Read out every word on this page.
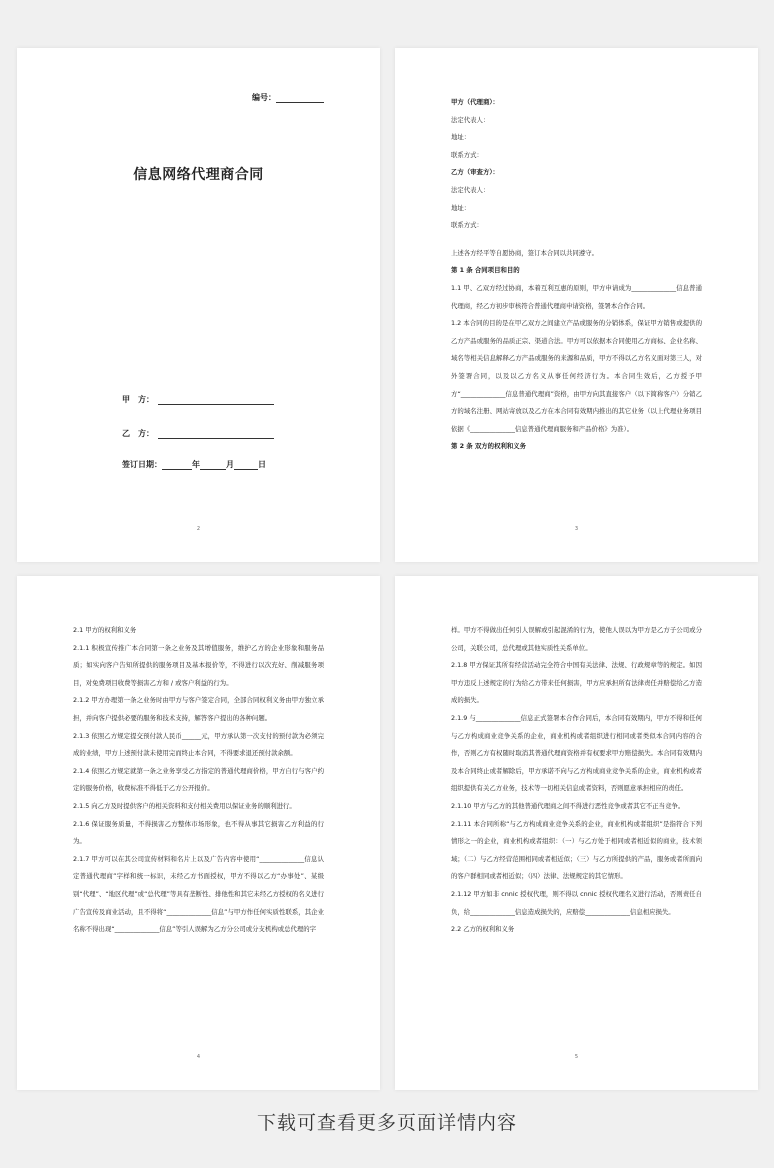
编号：
信息网络代理商合同
甲　方：
乙　方：
签订日期：	年	月	日
2

甲方（代理商）：

法定代表人：

地址：

联系方式：

乙方（审查方）：

法定代表人：

地址：

联系方式：

上述各方经平等自愿协商，签订本合同以共同遵守。

第 1 条 合同项目和目的

1.1 甲、乙双方经过协商，本着互利互惠的原则，甲方申请成为______________信息普通代理商，经乙方初步审核符合普通代理商申请资格，签署本合作合同。

1.2 本合同的目的是在甲乙双方之间建立产品或服务的分销体系，保证甲方销售或提供的乙方产品或服务的品质正宗、渠道合法。甲方可以依据本合同使用乙方商标、企业名称、域名等相关信息解释乙方产品或服务的来源和品质，甲方不得以乙方名义面对第三人，对外签署合同，以及以乙方名义从事任何经济行为。本合同生效后，乙方授予甲方“______________信息普通代理商”资格，由甲方向其直接客户（以下简称客户）分销乙方的域名注册、网站寄放以及乙方在本合同有效期内推出的其它业务（以上代理业务项目依据《______________信息普通代理商服务和产品价格》为准）。

第 2 条 双方的权利和义务

3

2.1 甲方的权利和义务

2.1.1 积极宣传推广本合同第一条之业务及其增值服务，维护乙方的企业形象和服务品质；如实向客户告知所提供的服务项目及基本报价等，不得进行以次充好、削减服务项目，对免费项目收费等损害乙方和 / 或客户利益的行为。

2.1.2 甲方办理第一条之业务时由甲方与客户签定合同，全部合同权利义务由甲方独立承担，并向客户提供必要的服务和技术支持，解答客户提出的各种问题。

2.1.3 依照乙方规定提交预付款人民币______元，甲方承认第一次支付的预付款为必须完成的业绩，甲方上述预付款未使用完而终止本合同，不得要求退还预付款余额。

2.1.4 依照乙方规定就第一条之业务享受乙方指定的普通代理商价格，甲方自行与客户约定的服务价格，收费标准不得低于乙方公开报价。

2.1.5 向乙方及时提供客户的相关资料和支付相关费用以保证业务的顺利进行。

2.1.6 保证服务质量，不得损害乙方整体市场形象，也不得从事其它损害乙方利益的行为。

2.1.7 甲方可以在其公司宣传材料和名片上以及广告内容中使用“______________信息认定普通代理商”字样和统一标识，未经乙方书面授权，甲方不得以乙方“办事处”、某级别“代理”、“地区代理”或“总代理”等具有垄断性、排他性和其它未经乙方授权的名义进行广告宣传及商业活动，且不得将“______________信息”与甲方作任何实质性联系，其企业名称不得出现“______________信息”等引人误解为乙方分公司或分支机构或总代理的字

4

样。甲方不得做出任何引人误解或引起混淆的行为，使他人误以为甲方是乙方子公司或分公司，关联公司，总代理或其他实质性关系单位。

2.1.8 甲方保证其所有经营活动完全符合中国有关法律、法规、行政规章等的规定。如因甲方违反上述规定的行为给乙方带来任何损害，甲方应承担所有法律责任并赔偿给乙方造成的损失。

2.1.9 与______________信息正式签署本合作合同后，本合同有效期内，甲方不得和任何与乙方构成商业竞争关系的企业，商业机构或者组织进行相同或者类似本合同内容的合作，否则乙方有权随时取消其普通代理商资格并有权要求甲方赔偿损失。本合同有效期内及本合同终止或者解除后，甲方承诺不向与乙方构成商业竞争关系的企业，商业机构或者组织提供有关乙方业务，技术等一切相关信息或者资料，否则愿意承担相应的责任。

2.1.10 甲方与乙方的其他普通代理商之间不得进行恶性竞争或者其它不正当竞争。

2.1.11 本合同所称“与乙方构成商业竞争关系的企业，商业机构或者组织”是指符合下列情形之一的企业，商业机构或者组织：（一）与乙方处于相同或者相近似的商业，技术领域；（二）与乙方经营范围相同或者相近似；（三）与乙方所提供的产品，服务或者所面向的客户群相同或者相近似；（四）法律、法规规定的其它情形。

2.1.12 甲方如非 cnnic 授权代理，则不得以 cnnic 授权代理名义进行活动，否则责任自负，给______________信息造成损失的，应赔偿______________信息相应损失。

2.2 乙方的权利和义务

5
下载可查看更多页面详情内容
